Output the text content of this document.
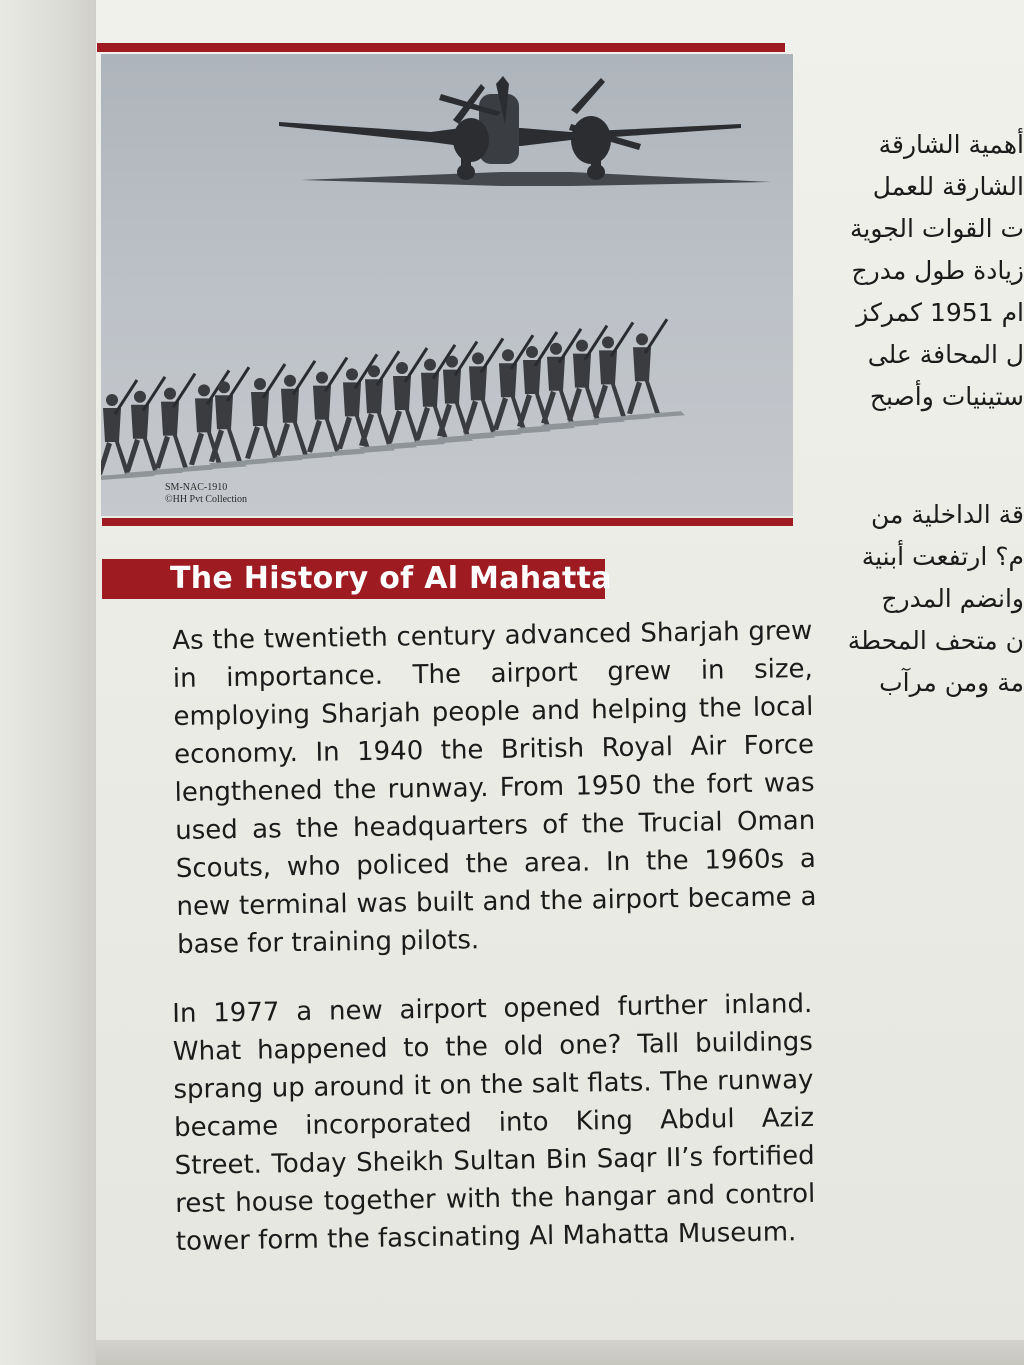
SM-NAC-1910
©HH Pvt Collection
The History of Al Mahatta
As the twentieth century advanced Sharjah grew in importance. The airport grew in size, employing Sharjah people and helping the local economy. In 1940 the British Royal Air Force lengthened the runway. From 1950 the fort was used as the headquarters of the Trucial Oman Scouts, who policed the area. In the 1960s a new terminal was built and the airport became a base for training pilots.
In 1977 a new airport opened further inland. What happened to the old one? Tall buildings sprang up around it on the salt flats. The runway became incorporated into King Abdul Aziz Street. Today Sheikh Sultan Bin Saqr II’s fortified rest house together with the hangar and control tower form the fascinating Al Mahatta Museum.
أهمية الشارقة
الشارقة للعمل
ت القوات الجوية
زيادة طول مدرج
ام 1951 كمركز
ل المحافة على
ستينيات وأصبح
قة الداخلية من
م؟ ارتفعت أبنية
وانضم المدرج
ن متحف المحطة
مة ومن مرآب
